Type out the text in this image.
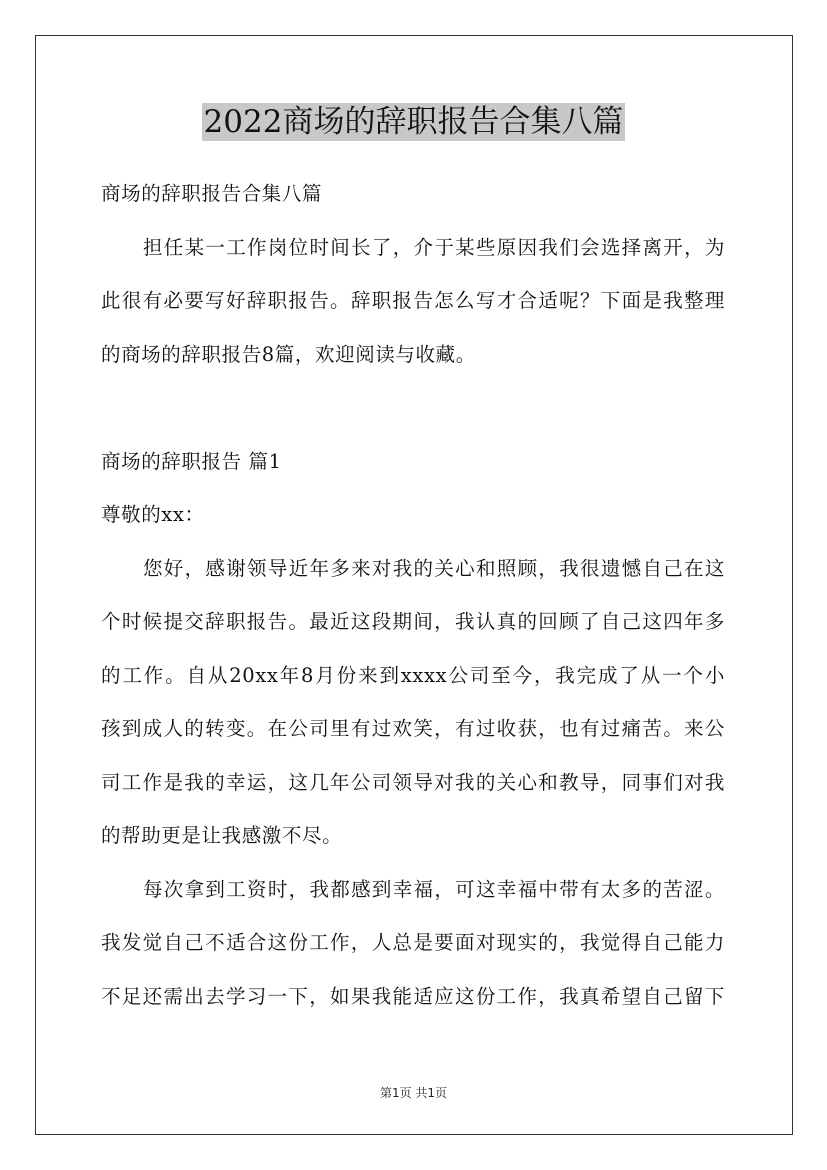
2022商场的辞职报告合集八篇
商场的辞职报告合集八篇
担任某一工作岗位时间长了，介于某些原因我们会选择离开，为
此很有必要写好辞职报告。辞职报告怎么写才合适呢？下面是我整理
的商场的辞职报告8篇，欢迎阅读与收藏。
商场的辞职报告 篇1
尊敬的xx：
您好，感谢领导近年多来对我的关心和照顾，我很遗憾自己在这
个时候提交辞职报告。最近这段期间，我认真的回顾了自己这四年多
的工作。自从20xx年8月份来到xxxx公司至今，我完成了从一个小
孩到成人的转变。在公司里有过欢笑，有过收获，也有过痛苦。来公
司工作是我的幸运，这几年公司领导对我的关心和教导，同事们对我
的帮助更是让我感激不尽。
每次拿到工资时，我都感到幸福，可这幸福中带有太多的苦涩。
我发觉自己不适合这份工作，人总是要面对现实的，我觉得自己能力
不足还需出去学习一下，如果我能适应这份工作，我真希望自己留下
第1页 共1页
